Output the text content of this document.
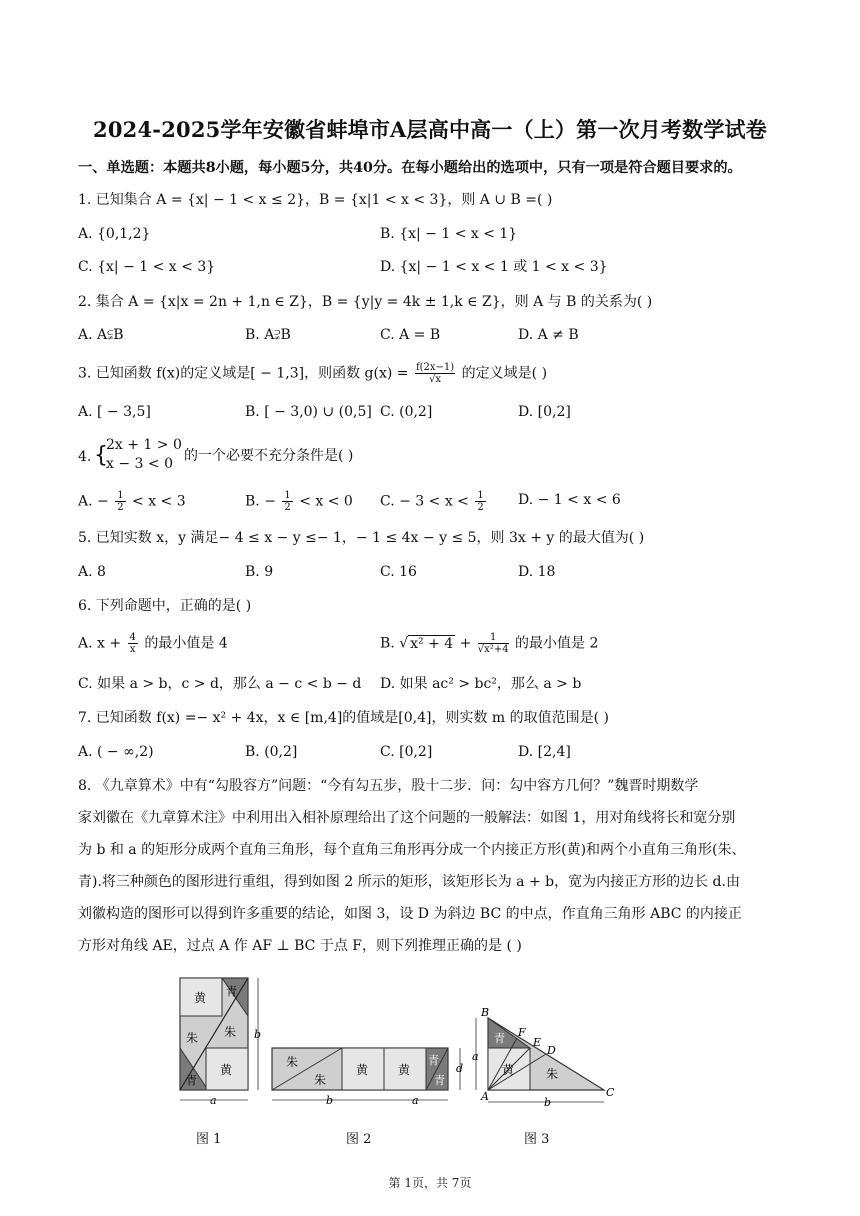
2024-2025学年安徽省蚌埠市A层高中高一（上）第一次月考数学试卷
一、单选题：本题共8小题，每小题5分，共40分。在每小题给出的选项中，只有一项是符合题目要求的。
1. 已知集合 A = {x| − 1 < x ≤ 2}，B = {x|1 < x < 3}，则 A ∪ B =( )
A. {0,1,2}	B. {x| − 1 < x < 1}
C. {x| − 1 < x < 3}	D. {x| − 1 < x < 1 或 1 < x < 3}
2. 集合 A = {x|x = 2n + 1,n ∈ Z}，B = {y|y = 4k ± 1,k ∈ Z}，则 A 与 B 的关系为( )
A. A⫋B	B. A⫌B	C. A = B	D. A ≠ B
3. 已知函数 f(x)的定义域是[ − 1,3]，则函数 $g(x) = \frac{f(2x-1)}{√x}$ 的定义域是( )
A. [ − 3,5]	B. [ − 3,0) ∪ (0,5] C. (0,2]	D. [0,2]
4. {
2x + 1 > 0
x − 3 < 0 的一个必要不充分条件是( )
A. − $\frac{1}{2} < x < 3$	B. − $\frac{1}{2} < x < 0$ C. − $3 < x < \frac{1}{2} D$. − 1 < x < 6
5. 已知实数 x，y 满足− 4 ≤ x − y ≤− 1，− 1 ≤ 4x − y ≤ 5，则 3x + y 的最大值为( )
A. 8	B. 9	C. 16	D. 18
6. 下列命题中，正确的是( )
A. $x + \frac{4}{x}$ 的最小值是 4	B. √ $x^2 + 4 + \frac{1}{\text{√x²+4}}$ 的最小值是 2
C. 如果 a > b，c > d，那么 a − c < b − d D. 如果 ac² > bc²，那么 a > b
7. 已知函数 f(x) =− x² + 4x，x ∈ [m,4]的值域是[0,4]，则实数 m 的取值范围是( )
A. ( − ∞,2)	B. (0,2]	C. [0,2]	D. [2,4]
8. 《九章算术》中有“勾股容方”问题：“今有勾五步，股十二步．问：勾中容方几何？”魏晋时期数学
家刘徽在《九章算术注》中利用出入相补原理给出了这个问题的一般解法：如图 1，用对角线将长和宽分别
为 b 和 a 的矩形分成两个直角三角形，每个直角三角形再分成一个内接正方形(黄)和两个小直角三角形(朱、
青).将三种颜色的图形进行重组，得到如图 2 所示的矩形，该矩形长为 a + b，宽为内接正方形的边长 d.由
刘徽构造的图形可以得到许多重要的结论，如图 3，设 D 为斜边 BC 的中点，作直角三角形 ABC 的内接正
方形对角线 AE，过点 A 作 AF ⊥ BC 于点 F，则下列推理正确的是 ( )
黄 青
朱 朱
黄
青
a
b
朱
朱
黄 黄
青
青
b	a
d
B
F
E
D
A	C
青
黄	朱
a
b
图 1	图 2	图 3
第 1页，共 7页
